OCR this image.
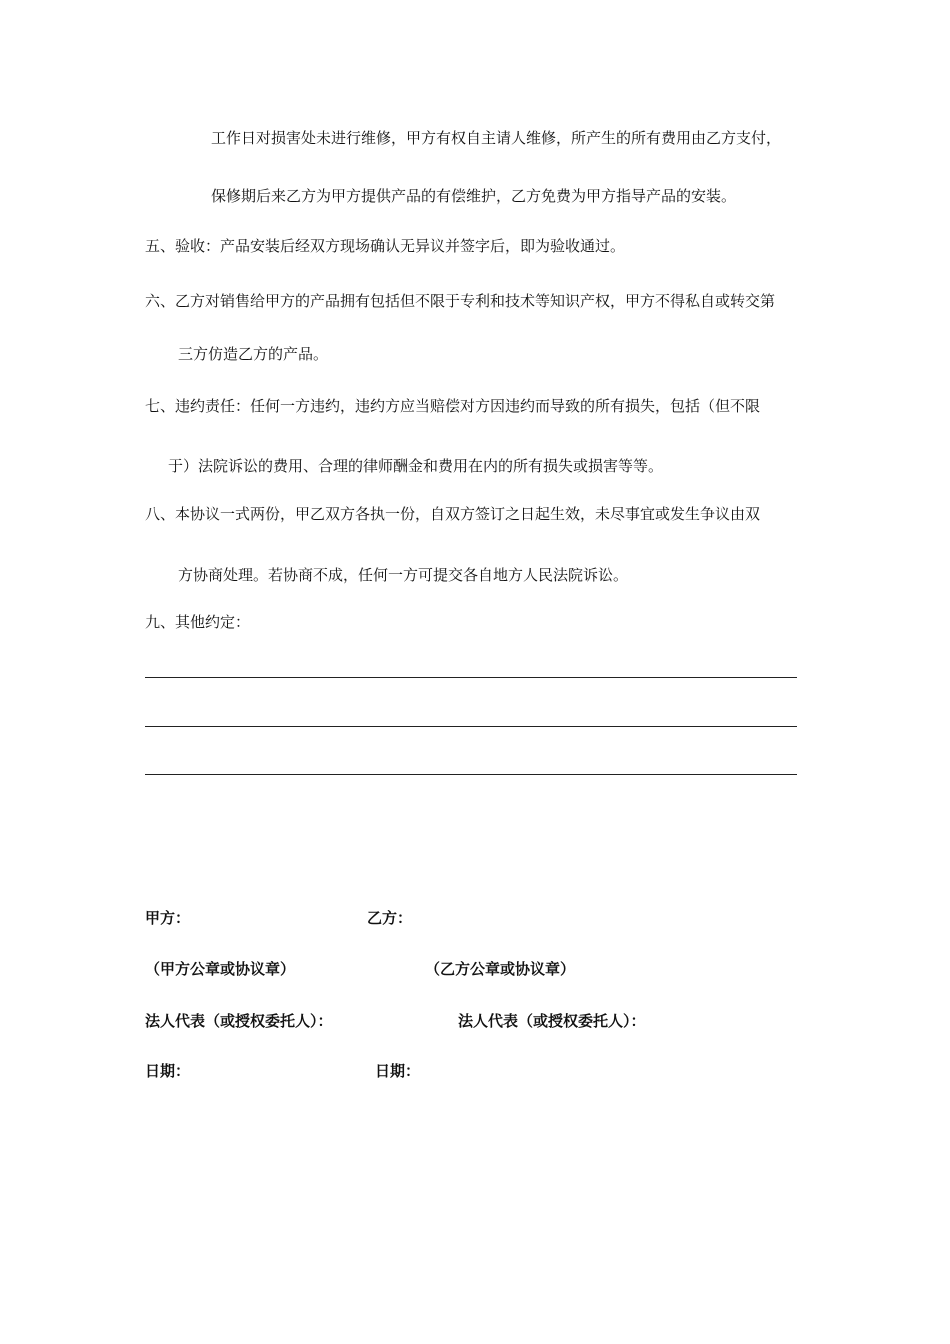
工作日对损害处未进行维修，甲方有权自主请人维修，所产生的所有费用由乙方支付，
保修期后来乙方为甲方提供产品的有偿维护，乙方免费为甲方指导产品的安装。
五、验收：产品安装后经双方现场确认无异议并签字后，即为验收通过。
六、乙方对销售给甲方的产品拥有包括但不限于专利和技术等知识产权，甲方不得私自或转交第
三方仿造乙方的产品。
七、违约责任：任何一方违约，违约方应当赔偿对方因违约而导致的所有损失，包括（但不限
于）法院诉讼的费用、合理的律师酬金和费用在内的所有损失或损害等等。
八、本协议一式两份，甲乙双方各执一份，自双方签订之日起生效，未尽事宜或发生争议由双
方协商处理。若协商不成，任何一方可提交各自地方人民法院诉讼。
九、其他约定：
甲方：	乙方：
（甲方公章或协议章）	（乙方公章或协议章）
法人代表（或授权委托人）：	法人代表（或授权委托人）：
日期：	日期：
